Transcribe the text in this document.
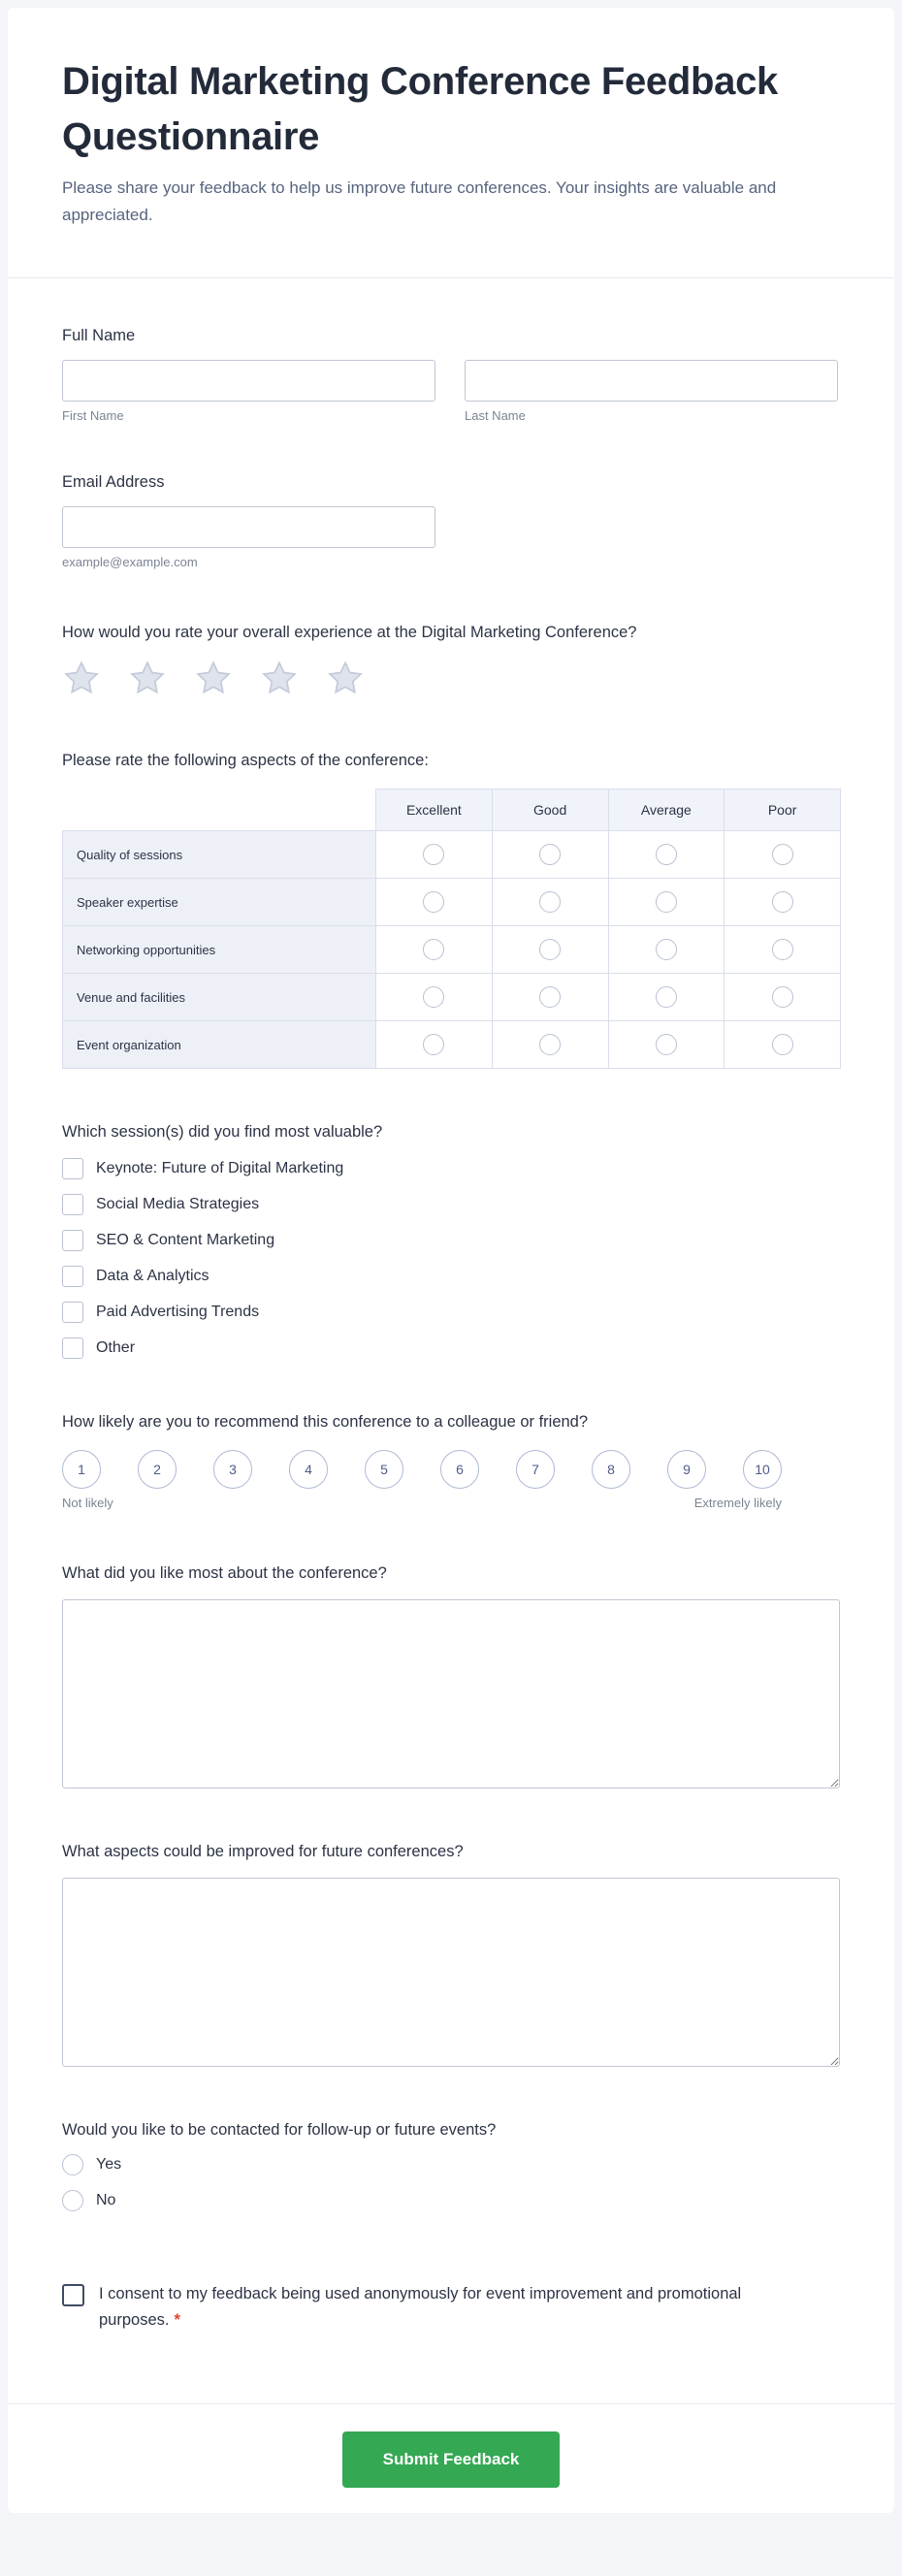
Digital Marketing Conference Feedback Questionnaire

Please share your feedback to help us improve future conferences. Your insights are valuable and appreciated.

Full Name
First Name	Last Name
Email Address
example@example.com
How would you rate your overall experience at the Digital Marketing Conference?
Please rate the following aspects of the conference:
	Excellent	Good	Average	Poor
Quality of sessions				
Speaker expertise				
Networking opportunities				
Venue and facilities				
Event organization				
Which session(s) did you find most valuable?
Keynote: Future of Digital Marketing
Social Media Strategies
SEO & Content Marketing
Data & Analytics
Paid Advertising Trends
Other
How likely are you to recommend this conference to a colleague or friend?
1	2	3	4	5	6	7	8	9	10
Not likely	Extremely likely
What did you like most about the conference?
What aspects could be improved for future conferences?
Would you like to be contacted for follow-up or future events?
Yes
No

I consent to my feedback being used anonymously for event improvement and promotional purposes. *

Submit Feedback
